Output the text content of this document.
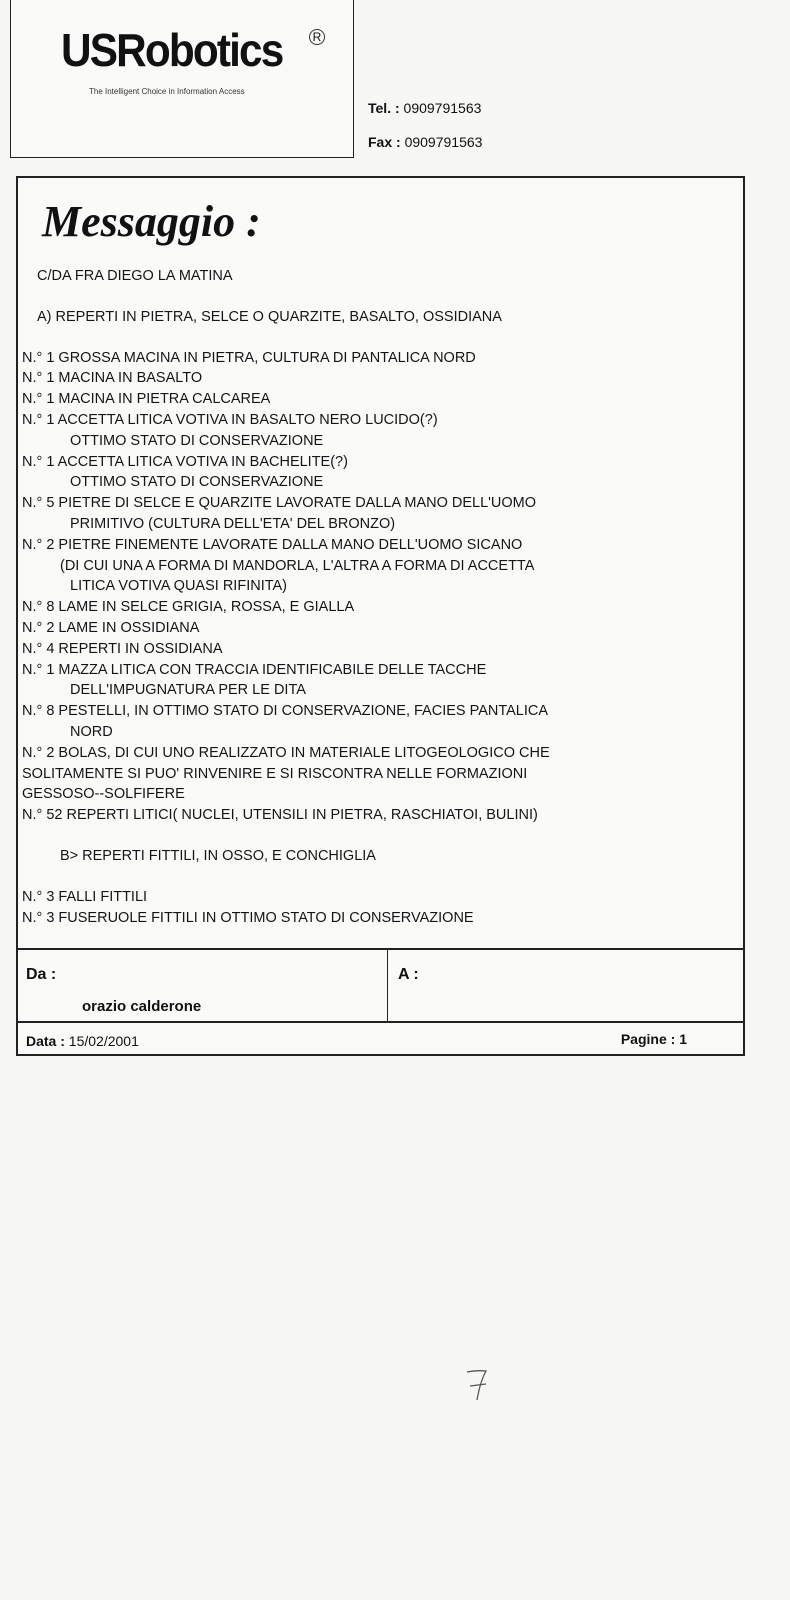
USRobotics	R
The Intelligent Choice in Information Access
Tel. : 0909791563
Fax : 0909791563
Messaggio :
C/DA FRA DIEGO LA MATINA
A) REPERTI IN PIETRA, SELCE O QUARZITE, BASALTO, OSSIDIANA
N.° 1 GROSSA MACINA IN PIETRA, CULTURA DI PANTALICA NORD
N.° 1 MACINA IN BASALTO
N.° 1 MACINA IN PIETRA CALCAREA
N.° 1 ACCETTA LITICA VOTIVA IN BASALTO NERO LUCIDO(?)
OTTIMO STATO DI CONSERVAZIONE
N.° 1 ACCETTA LITICA VOTIVA IN BACHELITE(?)
OTTIMO STATO DI CONSERVAZIONE
N.° 5 PIETRE DI SELCE E QUARZITE LAVORATE DALLA MANO DELL'UOMO
PRIMITIVO (CULTURA DELL'ETA' DEL BRONZO)
N.° 2 PIETRE FINEMENTE LAVORATE DALLA MANO DELL'UOMO SICANO
(DI CUI UNA A FORMA DI MANDORLA, L'ALTRA A FORMA DI ACCETTA
LITICA VOTIVA QUASI RIFINITA)
N.° 8 LAME IN SELCE GRIGIA, ROSSA, E GIALLA
N.° 2 LAME IN OSSIDIANA
N.° 4 REPERTI IN OSSIDIANA
N.° 1 MAZZA LITICA CON TRACCIA IDENTIFICABILE DELLE TACCHE
DELL'IMPUGNATURA PER LE DITA
N.° 8 PESTELLI, IN OTTIMO STATO DI CONSERVAZIONE, FACIES PANTALICA
NORD
N.° 2 BOLAS, DI CUI UNO REALIZZATO IN MATERIALE LITOGEOLOGICO CHE
SOLITAMENTE SI PUO' RINVENIRE E SI RISCONTRA NELLE FORMAZIONI
GESSOSO--SOLFIFERE
N.° 52 REPERTI LITICI( NUCLEI, UTENSILI IN PIETRA, RASCHIATOI, BULINI)
B> REPERTI FITTILI, IN OSSO, E CONCHIGLIA
N.° 3 FALLI FITTILI
N.° 3 FUSERUOLE FITTILI IN OTTIMO STATO DI CONSERVAZIONE
Da :
orazio calderone
A :
Data : 15/02/2001	Pagine : 1
